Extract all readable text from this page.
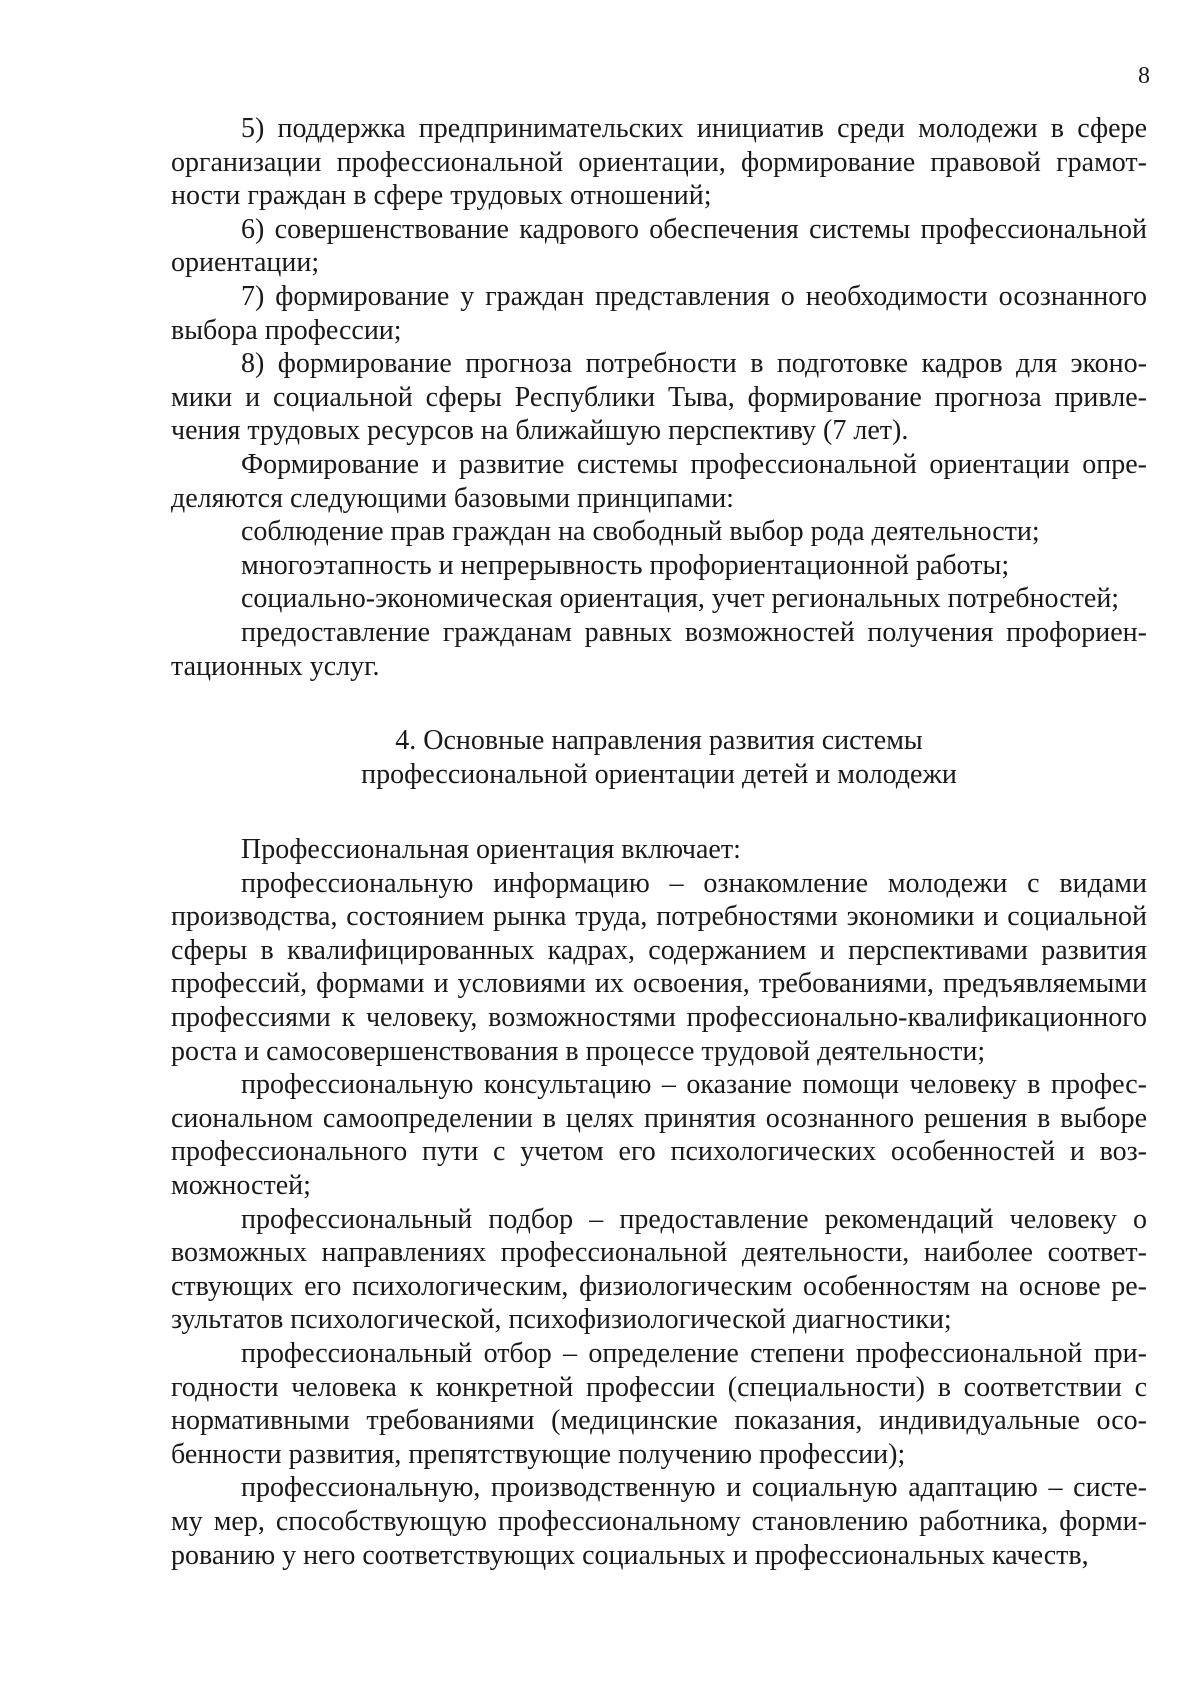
8

5) поддержка предпринимательских инициатив среди молодежи в сфере организации профессиональной ориентации, формирование правовой грамотности граждан в сфере трудовых отношений;

6) совершенствование кадрового обеспечения системы профессиональной ориентации;

7) формирование у граждан представления о необходимости осознанного выбора профессии;

8) формирование прогноза потребности в подготовке кадров для экономики и социальной сферы Республики Тыва, формирование прогноза привлечения трудовых ресурсов на ближайшую перспективу (7 лет).

Формирование и развитие системы профессиональной ориентации определяются следующими базовыми принципами:

соблюдение прав граждан на свободный выбор рода деятельности;

многоэтапность и непрерывность профориентационной работы;

социально-экономическая ориентация, учет региональных потребностей;

предоставление гражданам равных возможностей получения профориентационных услуг.

4. Основные направления развития системы
профессиональной ориентации детей и молодежи

Профессиональная ориентация включает:

профессиональную информацию – ознакомление молодежи с видами производства, состоянием рынка труда, потребностями экономики и социальной сферы в квалифицированных кадрах, содержанием и перспективами развития профессий, формами и условиями их освоения, требованиями, предъявляемыми профессиями к человеку, возможностями профессионально-квалификационного роста и самосовершенствования в процессе трудовой деятельности;

профессиональную консультацию – оказание помощи человеку в профессиональном самоопределении в целях принятия осознанного решения в выборе профессионального пути с учетом его психологических особенностей и возможностей;

профессиональный подбор – предоставление рекомендаций человеку о возможных направлениях профессиональной деятельности, наиболее соответствующих его психологическим, физиологическим особенностям на основе результатов психологической, психофизиологической диагностики;

профессиональный отбор – определение степени профессиональной пригодности человека к конкретной профессии (специальности) в соответствии с нормативными требованиями (медицинские показания, индивидуальные особенности развития, препятствующие получению профессии);

профессиональную, производственную и социальную адаптацию – систему мер, способствующую профессиональному становлению работника, формированию у него соответствующих социальных и профессиональных качеств,
